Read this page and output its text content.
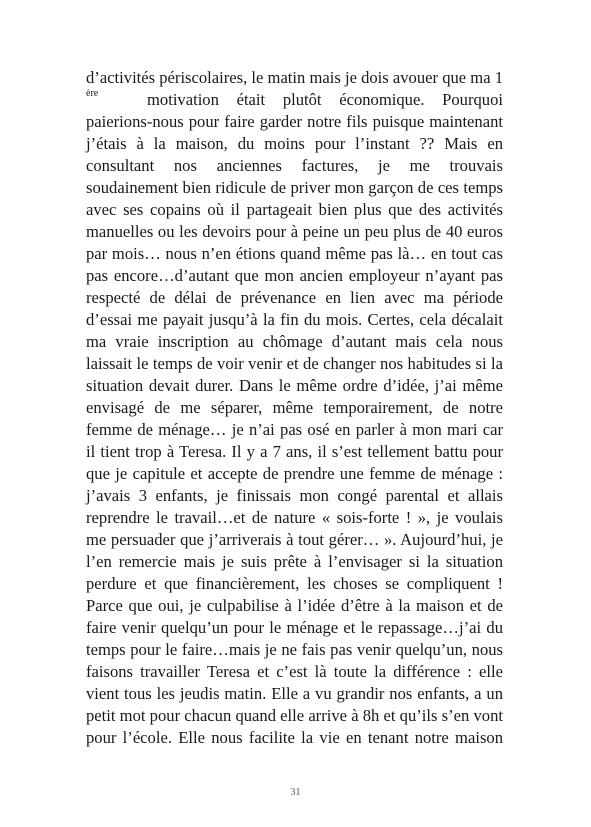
d’activités périscolaires, le matin mais je dois avouer que ma 1
ère	motivation était plutôt économique. Pourquoi
paierions-nous pour faire garder notre fils puisque maintenant
j’étais à la maison, du moins pour l’instant ?? Mais en
consultant nos anciennes factures, je me trouvais
soudainement bien ridicule de priver mon garçon de ces temps
avec ses copains où il partageait bien plus que des activités
manuelles ou les devoirs pour à peine un peu plus de 40 euros
par mois… nous n’en étions quand même pas là… en tout cas
pas encore…d’autant que mon ancien employeur n’ayant pas
respecté de délai de prévenance en lien avec ma période
d’essai me payait jusqu’à la fin du mois. Certes, cela décalait
ma vraie inscription au chômage d’autant mais cela nous
laissait le temps de voir venir et de changer nos habitudes si la
situation devait durer. Dans le même ordre d’idée, j’ai même
envisagé de me séparer, même temporairement, de notre
femme de ménage… je n’ai pas osé en parler à mon mari car
il tient trop à Teresa. Il y a 7 ans, il s’est tellement battu pour
que je capitule et accepte de prendre une femme de ménage :
j’avais 3 enfants, je finissais mon congé parental et allais
reprendre le travail…et de nature « sois-forte ! », je voulais
me persuader que j’arriverais à tout gérer… ». Aujourd’hui, je
l’en remercie mais je suis prête à l’envisager si la situation
perdure et que financièrement, les choses se compliquent !
Parce que oui, je culpabilise à l’idée d’être à la maison et de
faire venir quelqu’un pour le ménage et le repassage…j’ai du
temps pour le faire…mais je ne fais pas venir quelqu’un, nous
faisons travailler Teresa et c’est là toute la différence : elle
vient tous les jeudis matin. Elle a vu grandir nos enfants, a un
petit mot pour chacun quand elle arrive à 8h et qu’ils s’en vont
pour l’école. Elle nous facilite la vie en tenant notre maison
31
